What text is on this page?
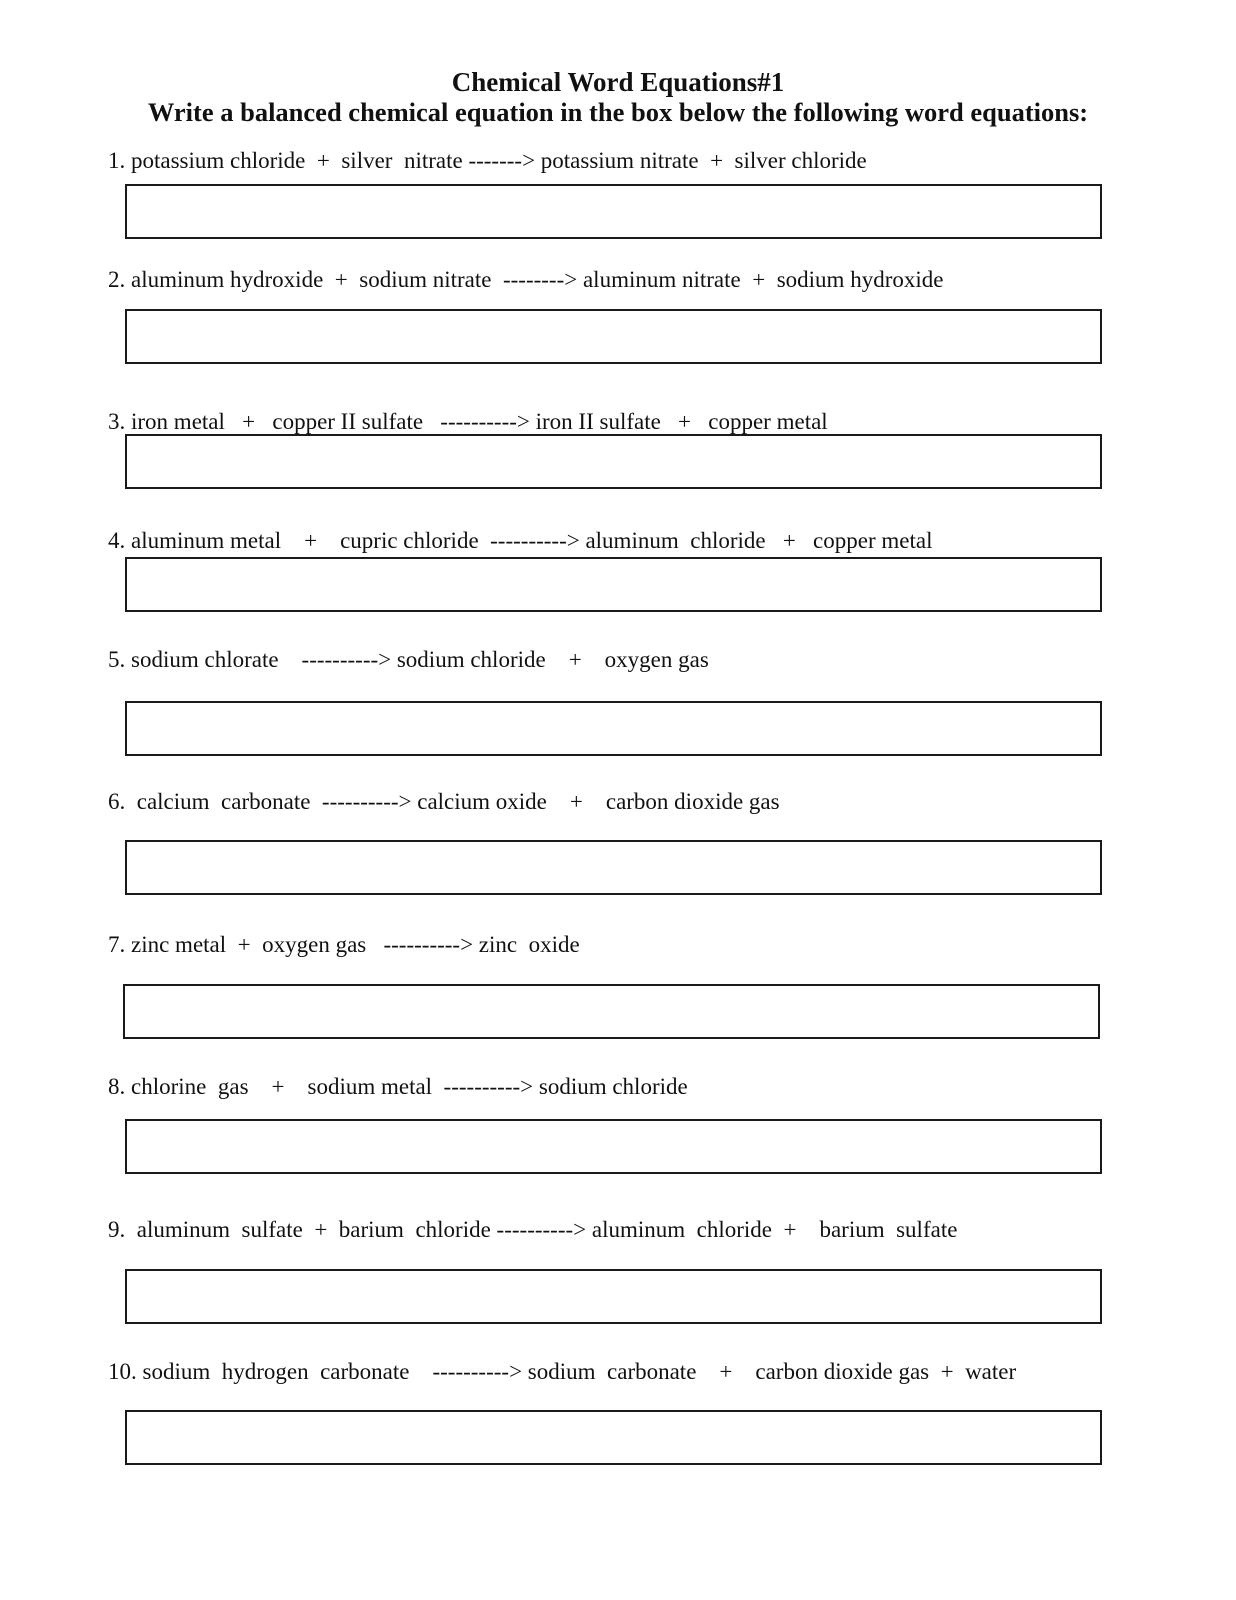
Chemical Word Equations#1
Write a balanced chemical equation in the box below the following word equations:
1. potassium chloride  +  silver  nitrate -------> potassium nitrate  +  silver chloride
2. aluminum hydroxide  +  sodium nitrate  --------> aluminum nitrate  +  sodium hydroxide
3. iron metal   +   copper II sulfate   ----------> iron II sulfate   +   copper metal
4. aluminum metal    +    cupric chloride  ----------> aluminum  chloride   +   copper metal
5. sodium chlorate    ----------> sodium chloride    +    oxygen gas
6.  calcium  carbonate  ----------> calcium oxide    +    carbon dioxide gas
7. zinc metal  +  oxygen gas   ----------> zinc  oxide
8. chlorine  gas    +    sodium metal  ----------> sodium chloride
9.  aluminum  sulfate  +  barium  chloride ----------> aluminum  chloride  +    barium  sulfate
10. sodium  hydrogen  carbonate    ----------> sodium  carbonate    +    carbon dioxide gas  +  water
